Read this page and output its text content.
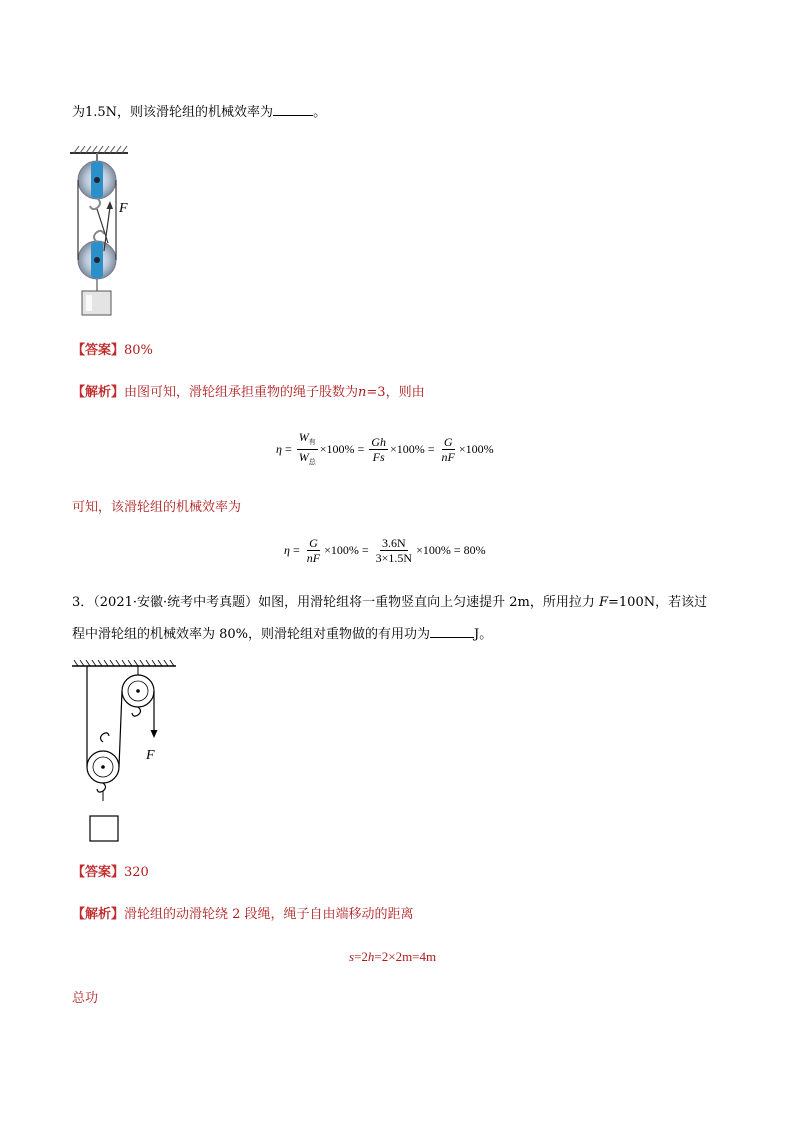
为1.5N，则该滑轮组的机械效率为	。
F
【答案】80%
【解析】由图可知，滑轮组承担重物的绳子股数为n=3，则由
$\eta = \frac{W_有}{W_总} \times 100\% = \frac{Gh}{Fs} \times 100\% = \frac{G}{nF} \times 100\%$
可知，该滑轮组的机械效率为
$\eta = \frac{G}{nF} \times 100\% = \frac{3.6N}{3\times 1.5N} \times 100\% = 80\%$
3．（2021·安徽·统考中考真题）如图，用滑轮组将一重物竖直向上匀速提升 2m，所用拉力 F=100N，若该过
程中滑轮组的机械效率为 80%，则滑轮组对重物做的有用功为	J。
F
【答案】320
【解析】滑轮组的动滑轮绕 2 段绳，绳子自由端移动的距离
s=2h=2×2m=4m
总功
